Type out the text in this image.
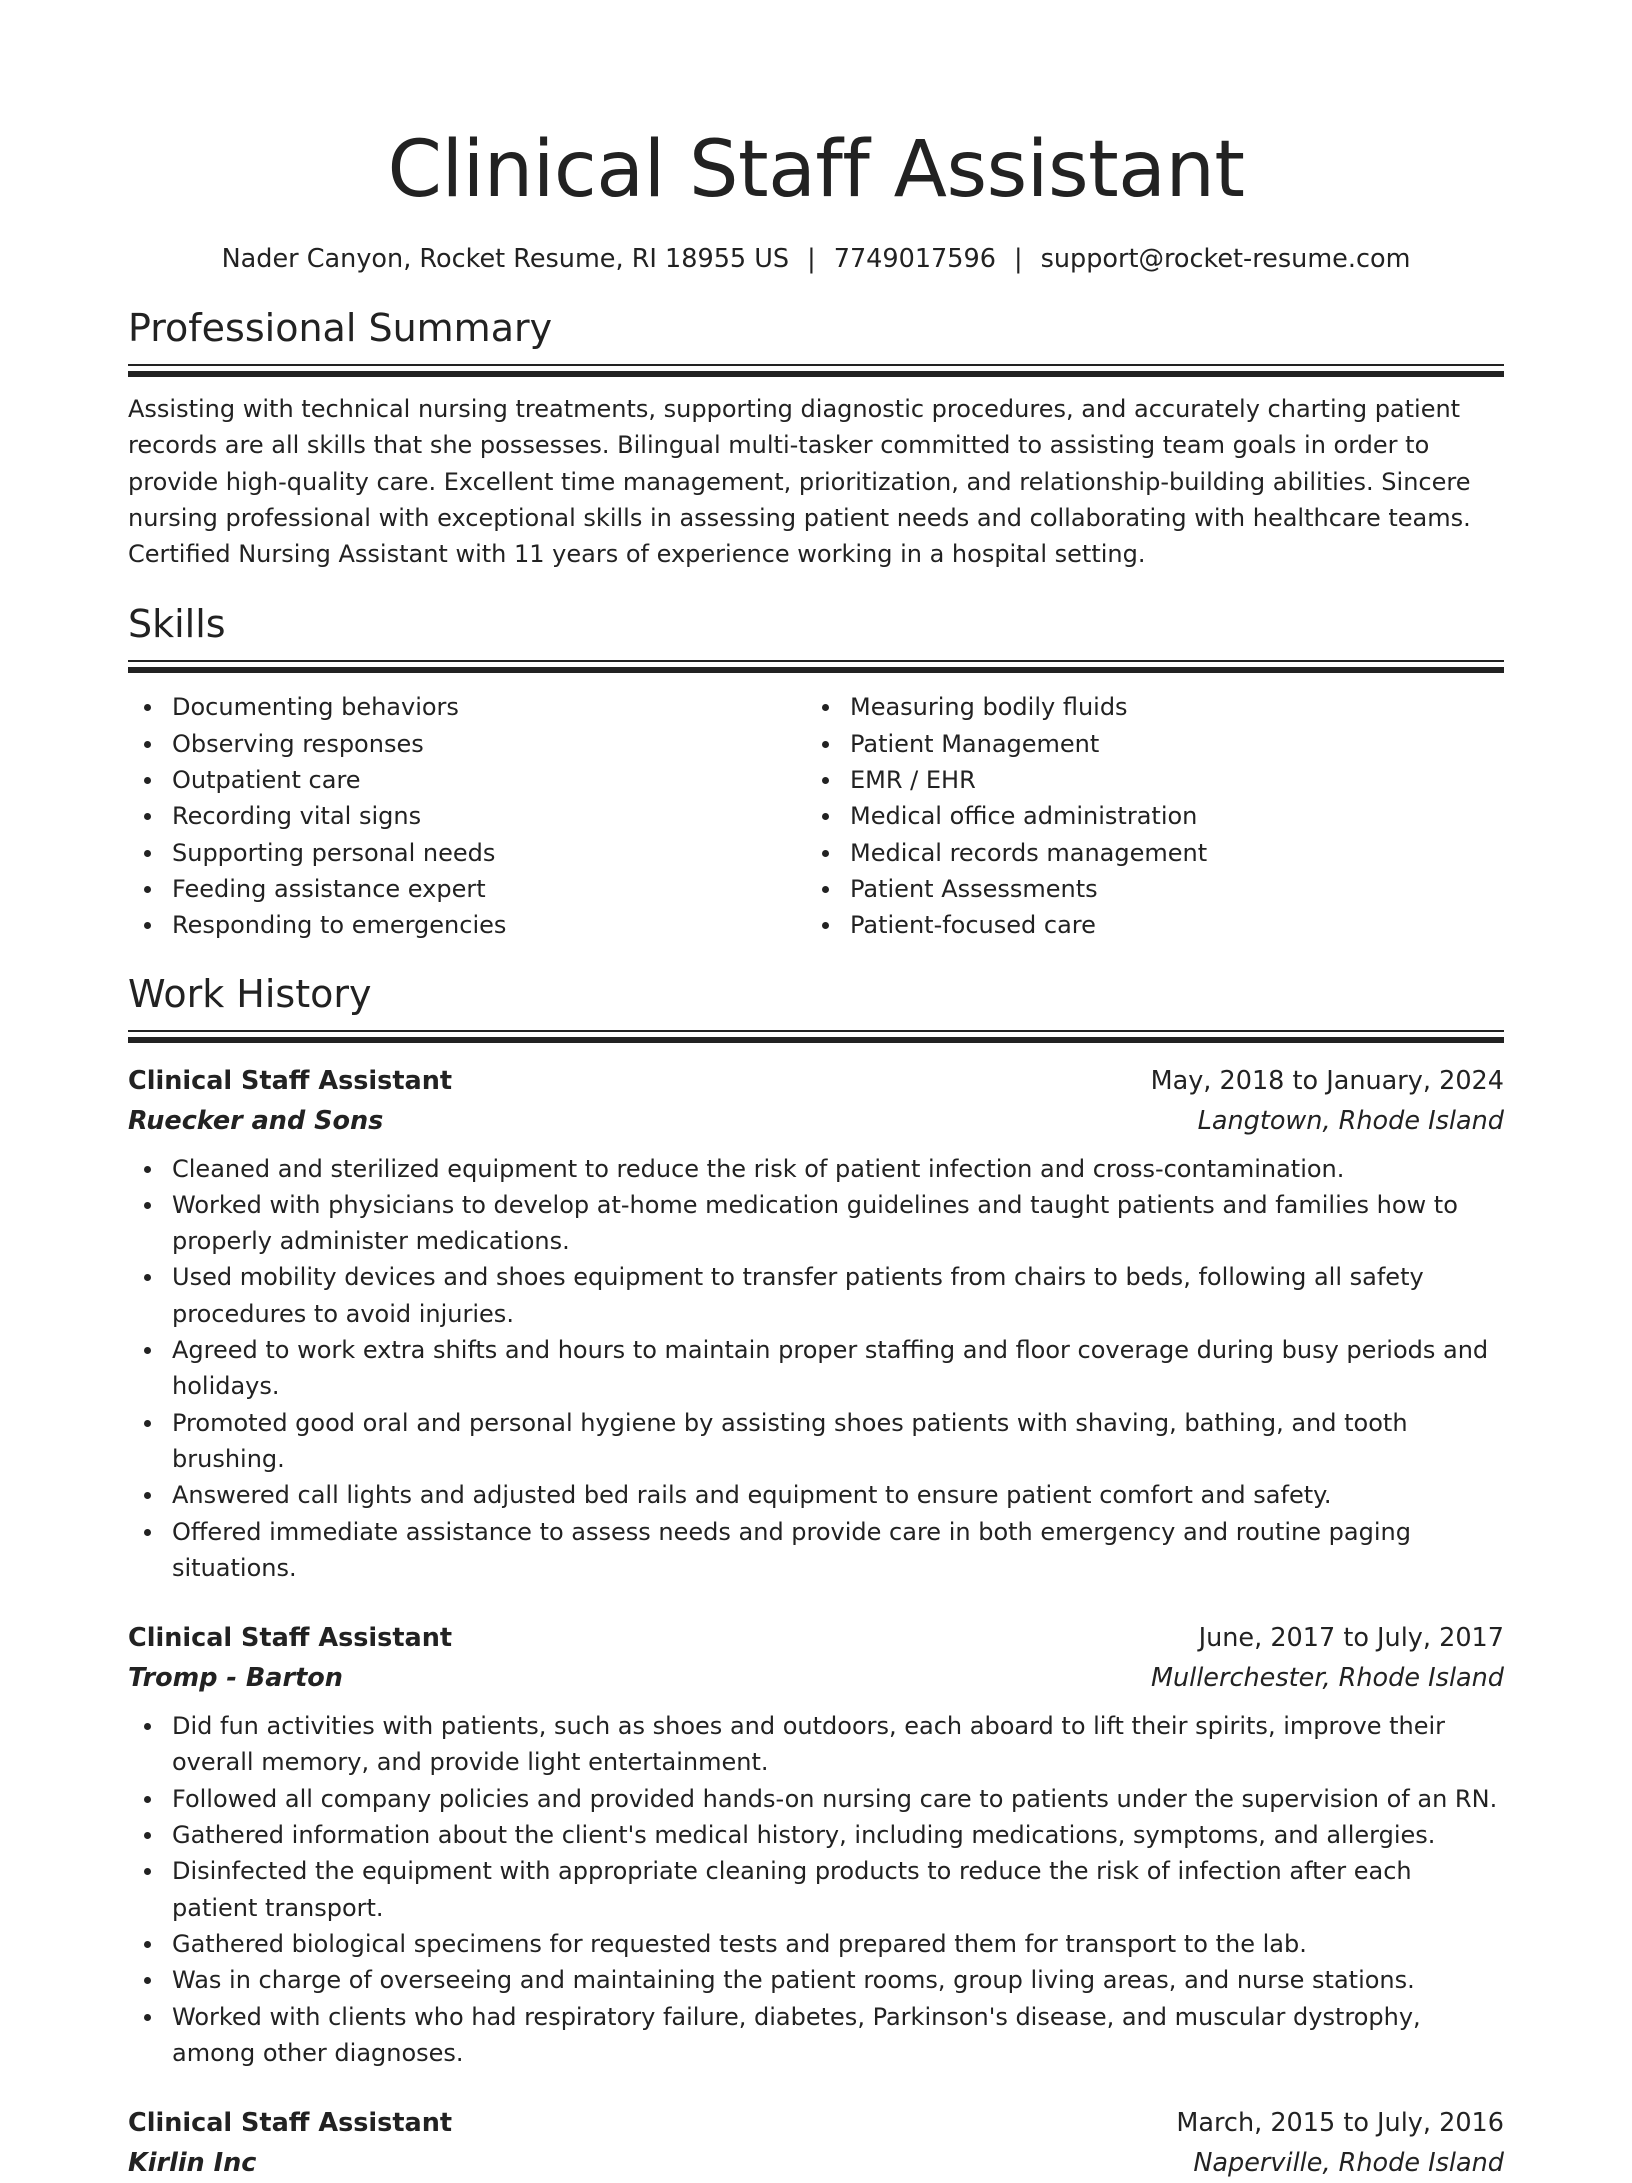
Clinical Staff Assistant
Nader Canyon, Rocket Resume, RI 18955 US | 7749017596 | support@rocket-resume.com
Professional Summary
Assisting with technical nursing treatments, supporting diagnostic procedures, and accurately charting patient records are all skills that she possesses. Bilingual multi-tasker committed to assisting team goals in order to provide high-quality care. Excellent time management, prioritization, and relationship-building abilities. Sincere nursing professional with exceptional skills in assessing patient needs and collaborating with healthcare teams. Certified Nursing Assistant with 11 years of experience working in a hospital setting.
Skills
Documenting behaviors
Observing responses
Outpatient care
Recording vital signs
Supporting personal needs
Feeding assistance expert
Responding to emergencies
Measuring bodily fluids
Patient Management
EMR / EHR
Medical office administration
Medical records management
Patient Assessments
Patient-focused care
Work History
Clinical Staff Assistant	May, 2018 to January, 2024
Ruecker and Sons	Langtown, Rhode Island
Cleaned and sterilized equipment to reduce the risk of patient infection and cross-contamination.
Worked with physicians to develop at-home medication guidelines and taught patients and families how to properly administer medications.
Used mobility devices and shoes equipment to transfer patients from chairs to beds, following all safety procedures to avoid injuries.
Agreed to work extra shifts and hours to maintain proper staffing and floor coverage during busy periods and holidays.
Promoted good oral and personal hygiene by assisting shoes patients with shaving, bathing, and tooth brushing.
Answered call lights and adjusted bed rails and equipment to ensure patient comfort and safety.
Offered immediate assistance to assess needs and provide care in both emergency and routine paging situations.
Clinical Staff Assistant	June, 2017 to July, 2017
Tromp - Barton	Mullerchester, Rhode Island
Did fun activities with patients, such as shoes and outdoors, each aboard to lift their spirits, improve their overall memory, and provide light entertainment.
Followed all company policies and provided hands-on nursing care to patients under the supervision of an RN.
Gathered information about the client's medical history, including medications, symptoms, and allergies.
Disinfected the equipment with appropriate cleaning products to reduce the risk of infection after each patient transport.
Gathered biological specimens for requested tests and prepared them for transport to the lab.
Was in charge of overseeing and maintaining the patient rooms, group living areas, and nurse stations.
Worked with clients who had respiratory failure, diabetes, Parkinson's disease, and muscular dystrophy, among other diagnoses.
Clinical Staff Assistant	March, 2015 to July, 2016
Kirlin Inc	Naperville, Rhode Island
